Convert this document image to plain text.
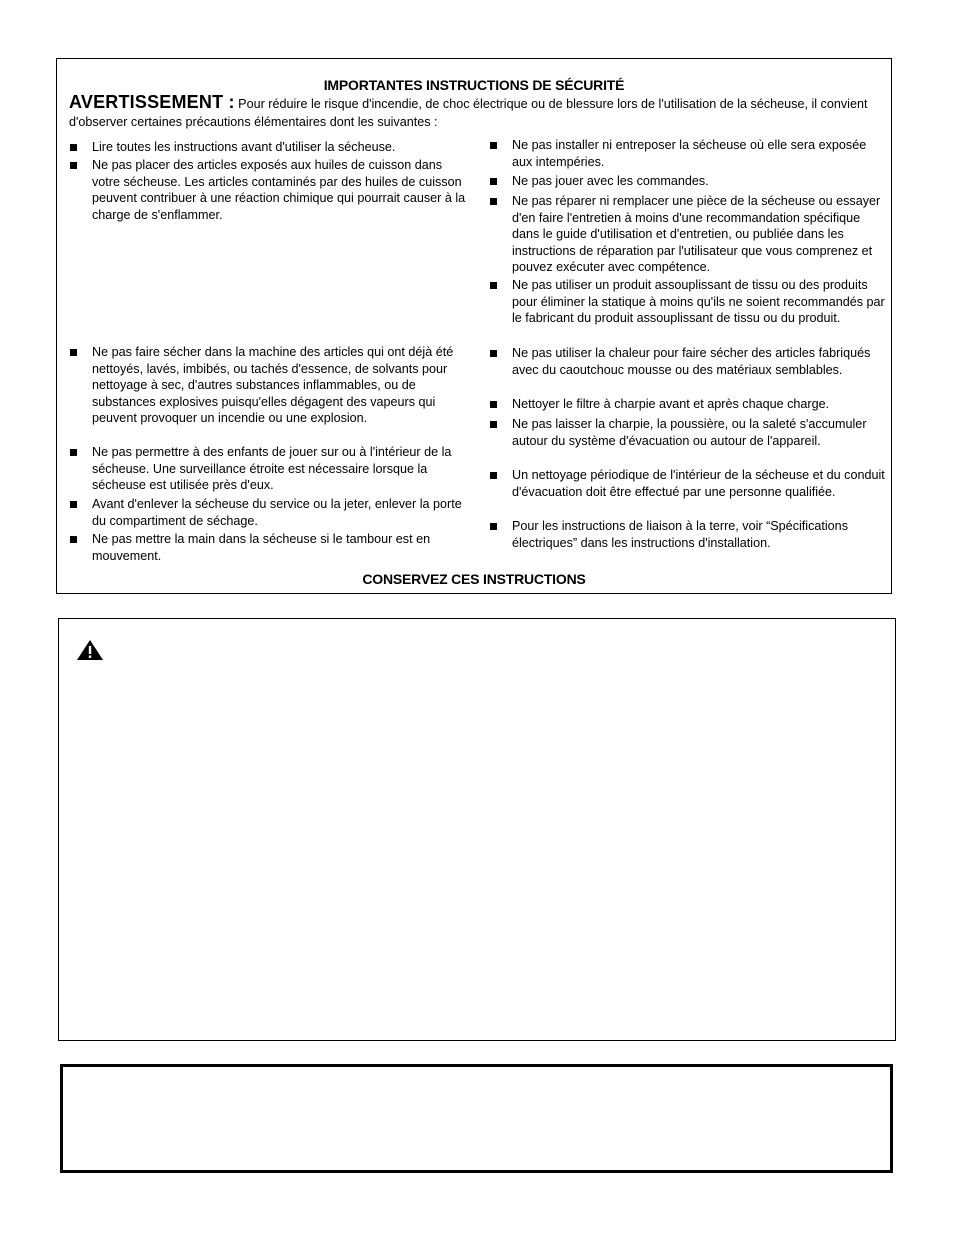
IMPORTANTES INSTRUCTIONS DE SÉCURITÉ

AVERTISSEMENT : Pour réduire le risque d'incendie, de choc électrique ou de blessure lors de l'utilisation de la sécheuse, il convient d'observer certaines précautions élémentaires dont les suivantes :

Lire toutes les instructions avant d'utiliser la sécheuse.
Ne pas placer des articles exposés aux huiles de cuisson dans votre sécheuse. Les articles contaminés par des huiles de cuisson peuvent contribuer à une réaction chimique qui pourrait causer à la charge de s'enflammer.
Ne pas faire sécher dans la machine des articles qui ont déjà été nettoyés, lavés, imbibés, ou tachés d'essence, de solvants pour nettoyage à sec, d'autres substances inflammables, ou de substances explosives puisqu'elles dégagent des vapeurs qui peuvent provoquer un incendie ou une explosion.
Ne pas permettre à des enfants de jouer sur ou à l'intérieur de la sécheuse. Une surveillance étroite est nécessaire lorsque la sécheuse est utilisée près d'eux.
Avant d'enlever la sécheuse du service ou la jeter, enlever la porte du compartiment de séchage.
Ne pas mettre la main dans la sécheuse si le tambour est en mouvement.
Ne pas installer ni entreposer la sécheuse où elle sera exposée aux intempéries.
Ne pas jouer avec les commandes.
Ne pas réparer ni remplacer une pièce de la sécheuse ou essayer d'en faire l'entretien à moins d'une recommandation spécifique dans le guide d'utilisation et d'entretien, ou publiée dans les instructions de réparation par l'utilisateur que vous comprenez et pouvez exécuter avec compétence.
Ne pas utiliser un produit assouplissant de tissu ou des produits pour éliminer la statique à moins qu'ils ne soient recommandés par le fabricant du produit assouplissant de tissu ou du produit.
Ne pas utiliser la chaleur pour faire sécher des articles fabriqués avec du caoutchouc mousse ou des matériaux semblables.
Nettoyer le filtre à charpie avant et après chaque charge.
Ne pas laisser la charpie, la poussière, ou la saleté s'accumuler autour du système d'évacuation ou autour de l'appareil.
Un nettoyage périodique de l'intérieur de la sécheuse et du conduit d'évacuation doit être effectué par une personne qualifiée.
Pour les instructions de liaison à la terre, voir “Spécifications électriques” dans les instructions d'installation.
CONSERVEZ CES INSTRUCTIONS
